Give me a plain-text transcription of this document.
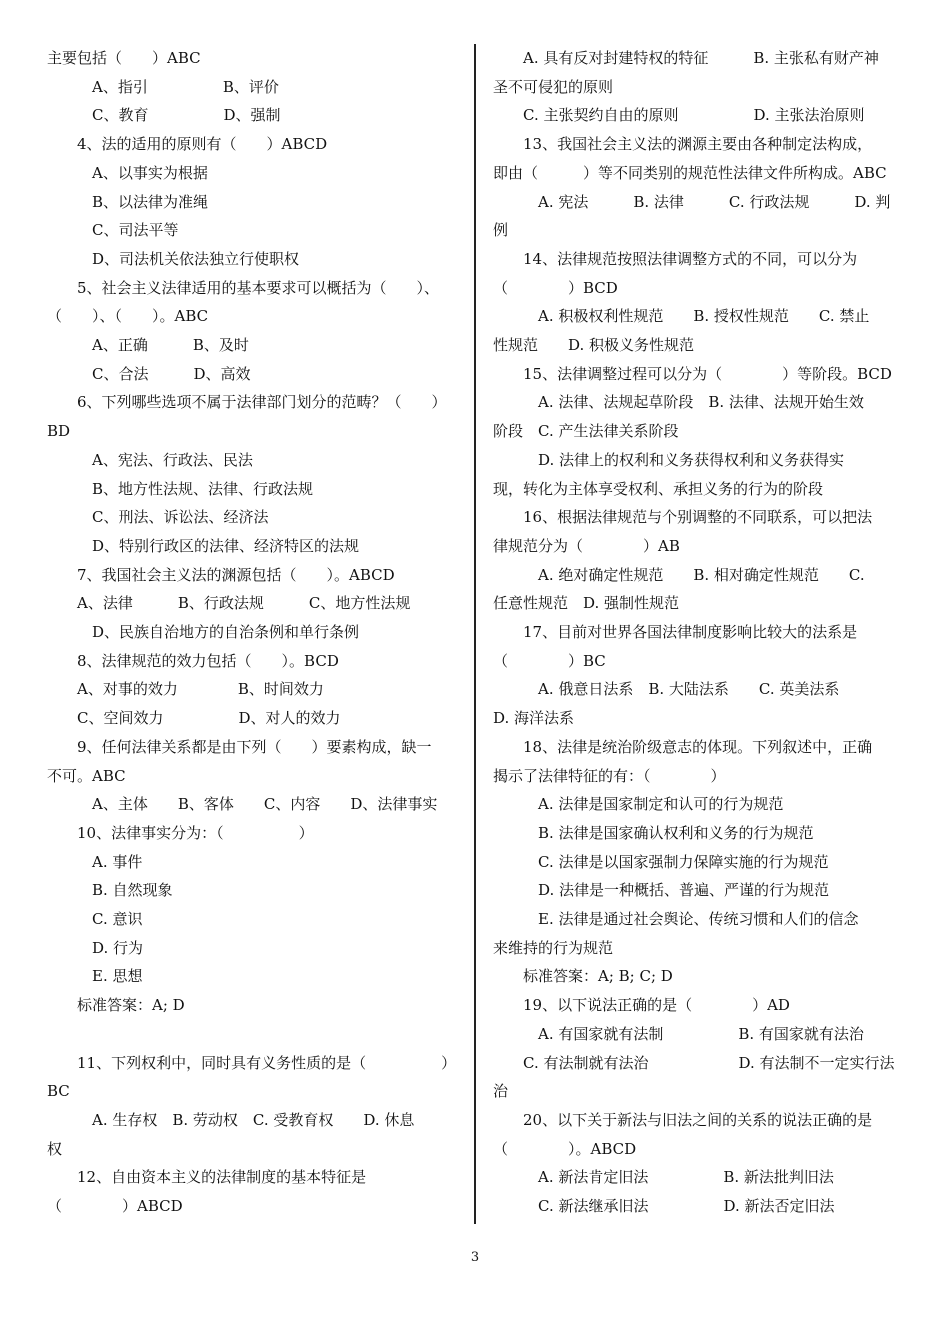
主要包括（　　）ABC
　　　A、指引　　　　　B、评价
　　　C、教育　　　　　D、强制
　　4、法的适用的原则有（　　）ABCD
　　　A、以事实为根据
　　　B、以法律为准绳
　　　C、司法平等
　　　D、司法机关依法独立行使职权
　　5、社会主义法律适用的基本要求可以概括为（　　）、
（　　）、（　　）。ABC
　　　A、正确　　　B、及时
　　　C、合法　　　D、高效
　　6、下列哪些选项不属于法律部门划分的范畴？（　　）
BD
　　　A、宪法、行政法、民法
　　　B、地方性法规、法律、行政法规
　　　C、刑法、诉讼法、经济法
　　　D、特别行政区的法律、经济特区的法规
　　7、我国社会主义法的渊源包括（　　）。ABCD
　　A、法律　　　B、行政法规　　　C、地方性法规
　　　D、民族自治地方的自治条例和单行条例
　　8、法律规范的效力包括（　　）。BCD
　　A、对事的效力　　　　B、时间效力
　　C、空间效力　　　　　D、对人的效力
　　9、任何法律关系都是由下列（　　）要素构成，缺一
不可。ABC
　　　A、主体　　B、客体　　C、内容　　D、法律事实
　　10、法律事实分为：（　　　　　）
　　　A. 事件
　　　B. 自然现象
　　　C. 意识
　　　D. 行为
　　　E. 思想
　　标准答案：A; D
　　11、下列权利中，同时具有义务性质的是（　　　　　）
BC
　　　A. 生存权　B. 劳动权　C. 受教育权　　D. 休息
权
　　12、自由资本主义的法律制度的基本特征是
（　　　　）ABCD
　　A. 具有反对封建特权的特征　　　B. 主张私有财产神
圣不可侵犯的原则
　　C. 主张契约自由的原则　　　　　D. 主张法治原则
　　13、我国社会主义法的渊源主要由各种制定法构成，
即由（　　　）等不同类别的规范性法律文件所构成。ABC
　　　A. 宪法　　　B. 法律　　　C. 行政法规　　　D. 判
例
　　14、法律规范按照法律调整方式的不同，可以分为
（　　　　）BCD
　　　A. 积极权利性规范　　B. 授权性规范　　C. 禁止
性规范　　D. 积极义务性规范
　　15、法律调整过程可以分为（　　　　）等阶段。BCD
　　　A. 法律、法规起草阶段　B. 法律、法规开始生效
阶段　C. 产生法律关系阶段
　　　D. 法律上的权利和义务获得权利和义务获得实
现，转化为主体享受权利、承担义务的行为的阶段
　　16、根据法律规范与个别调整的不同联系，可以把法
律规范分为（　　　　）AB
　　　A. 绝对确定性规范　　B. 相对确定性规范　　C.
任意性规范　D. 强制性规范
　　17、目前对世界各国法律制度影响比较大的法系是
（　　　　）BC
　　　A. 俄意日法系　B. 大陆法系　　C. 英美法系
D. 海洋法系
　　18、法律是统治阶级意志的体现。下列叙述中，正确
揭示了法律特征的有：（　　　　）
　　　A. 法律是国家制定和认可的行为规范
　　　B. 法律是国家确认权利和义务的行为规范
　　　C. 法律是以国家强制力保障实施的行为规范
　　　D. 法律是一种概括、普遍、严谨的行为规范
　　　E. 法律是通过社会舆论、传统习惯和人们的信念
来维持的行为规范
　　标准答案：A; B; C; D
　　19、以下说法正确的是（　　　　）AD
　　　A. 有国家就有法制　　　　　B. 有国家就有法治
　　C. 有法制就有法治　　　　　　D. 有法制不一定实行法
治
　　20、以下关于新法与旧法之间的关系的说法正确的是
（　　　　）。ABCD
　　　A. 新法肯定旧法　　　　　B. 新法批判旧法
　　　C. 新法继承旧法　　　　　D. 新法否定旧法
3
